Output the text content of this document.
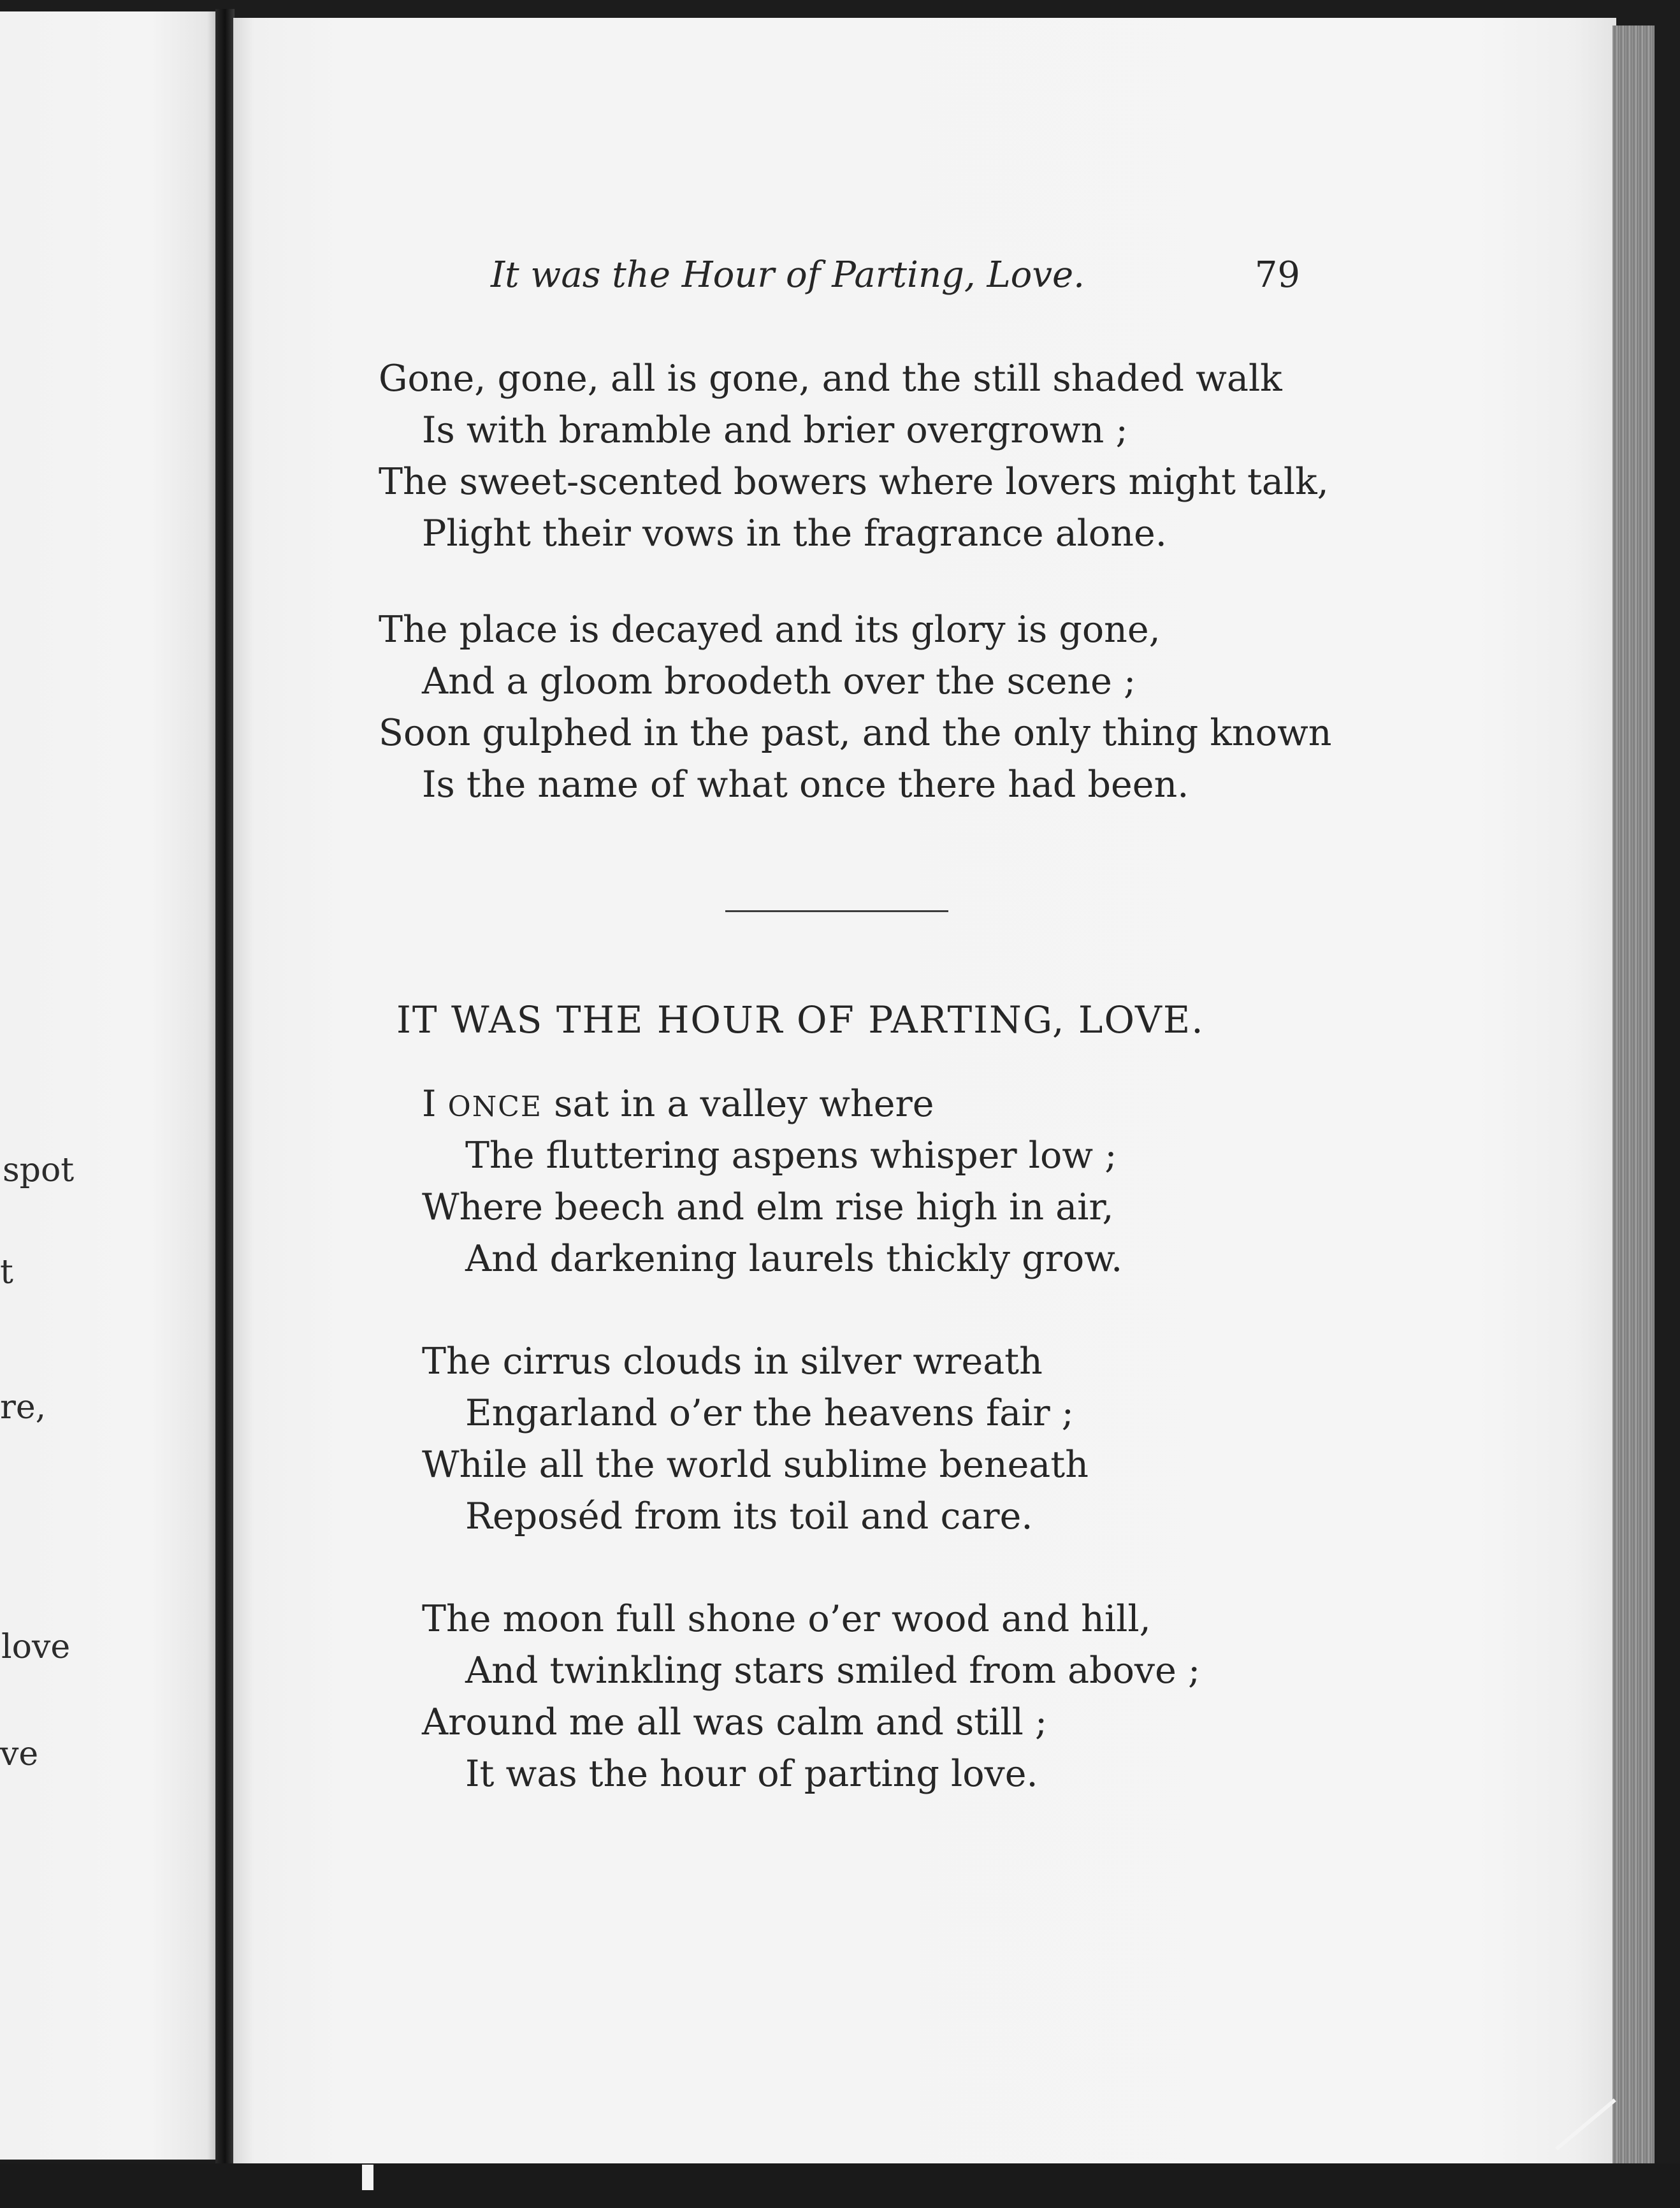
spot
t
re,
love
ve
It was the Hour of Parting, Love.	79
Gone, gone, all is gone, and the still shaded walk
Is with bramble and brier overgrown ;
The sweet-scented bowers where lovers might talk,
Plight their vows in the fragrance alone.
The place is decayed and its glory is gone,
And a gloom broodeth over the scene ;
Soon gulphed in the past, and the only thing known
Is the name of what once there had been.
IT WAS THE HOUR OF PARTING, LOVE.
I ONCE sat in a valley where
The fluttering aspens whisper low ;
Where beech and elm rise high in air,
And darkening laurels thickly grow.
The cirrus clouds in silver wreath
Engarland o’er the heavens fair ;
While all the world sublime beneath
Reposéd from its toil and care.
The moon full shone o’er wood and hill,
And twinkling stars smiled from above ;
Around me all was calm and still ;
It was the hour of parting love.
